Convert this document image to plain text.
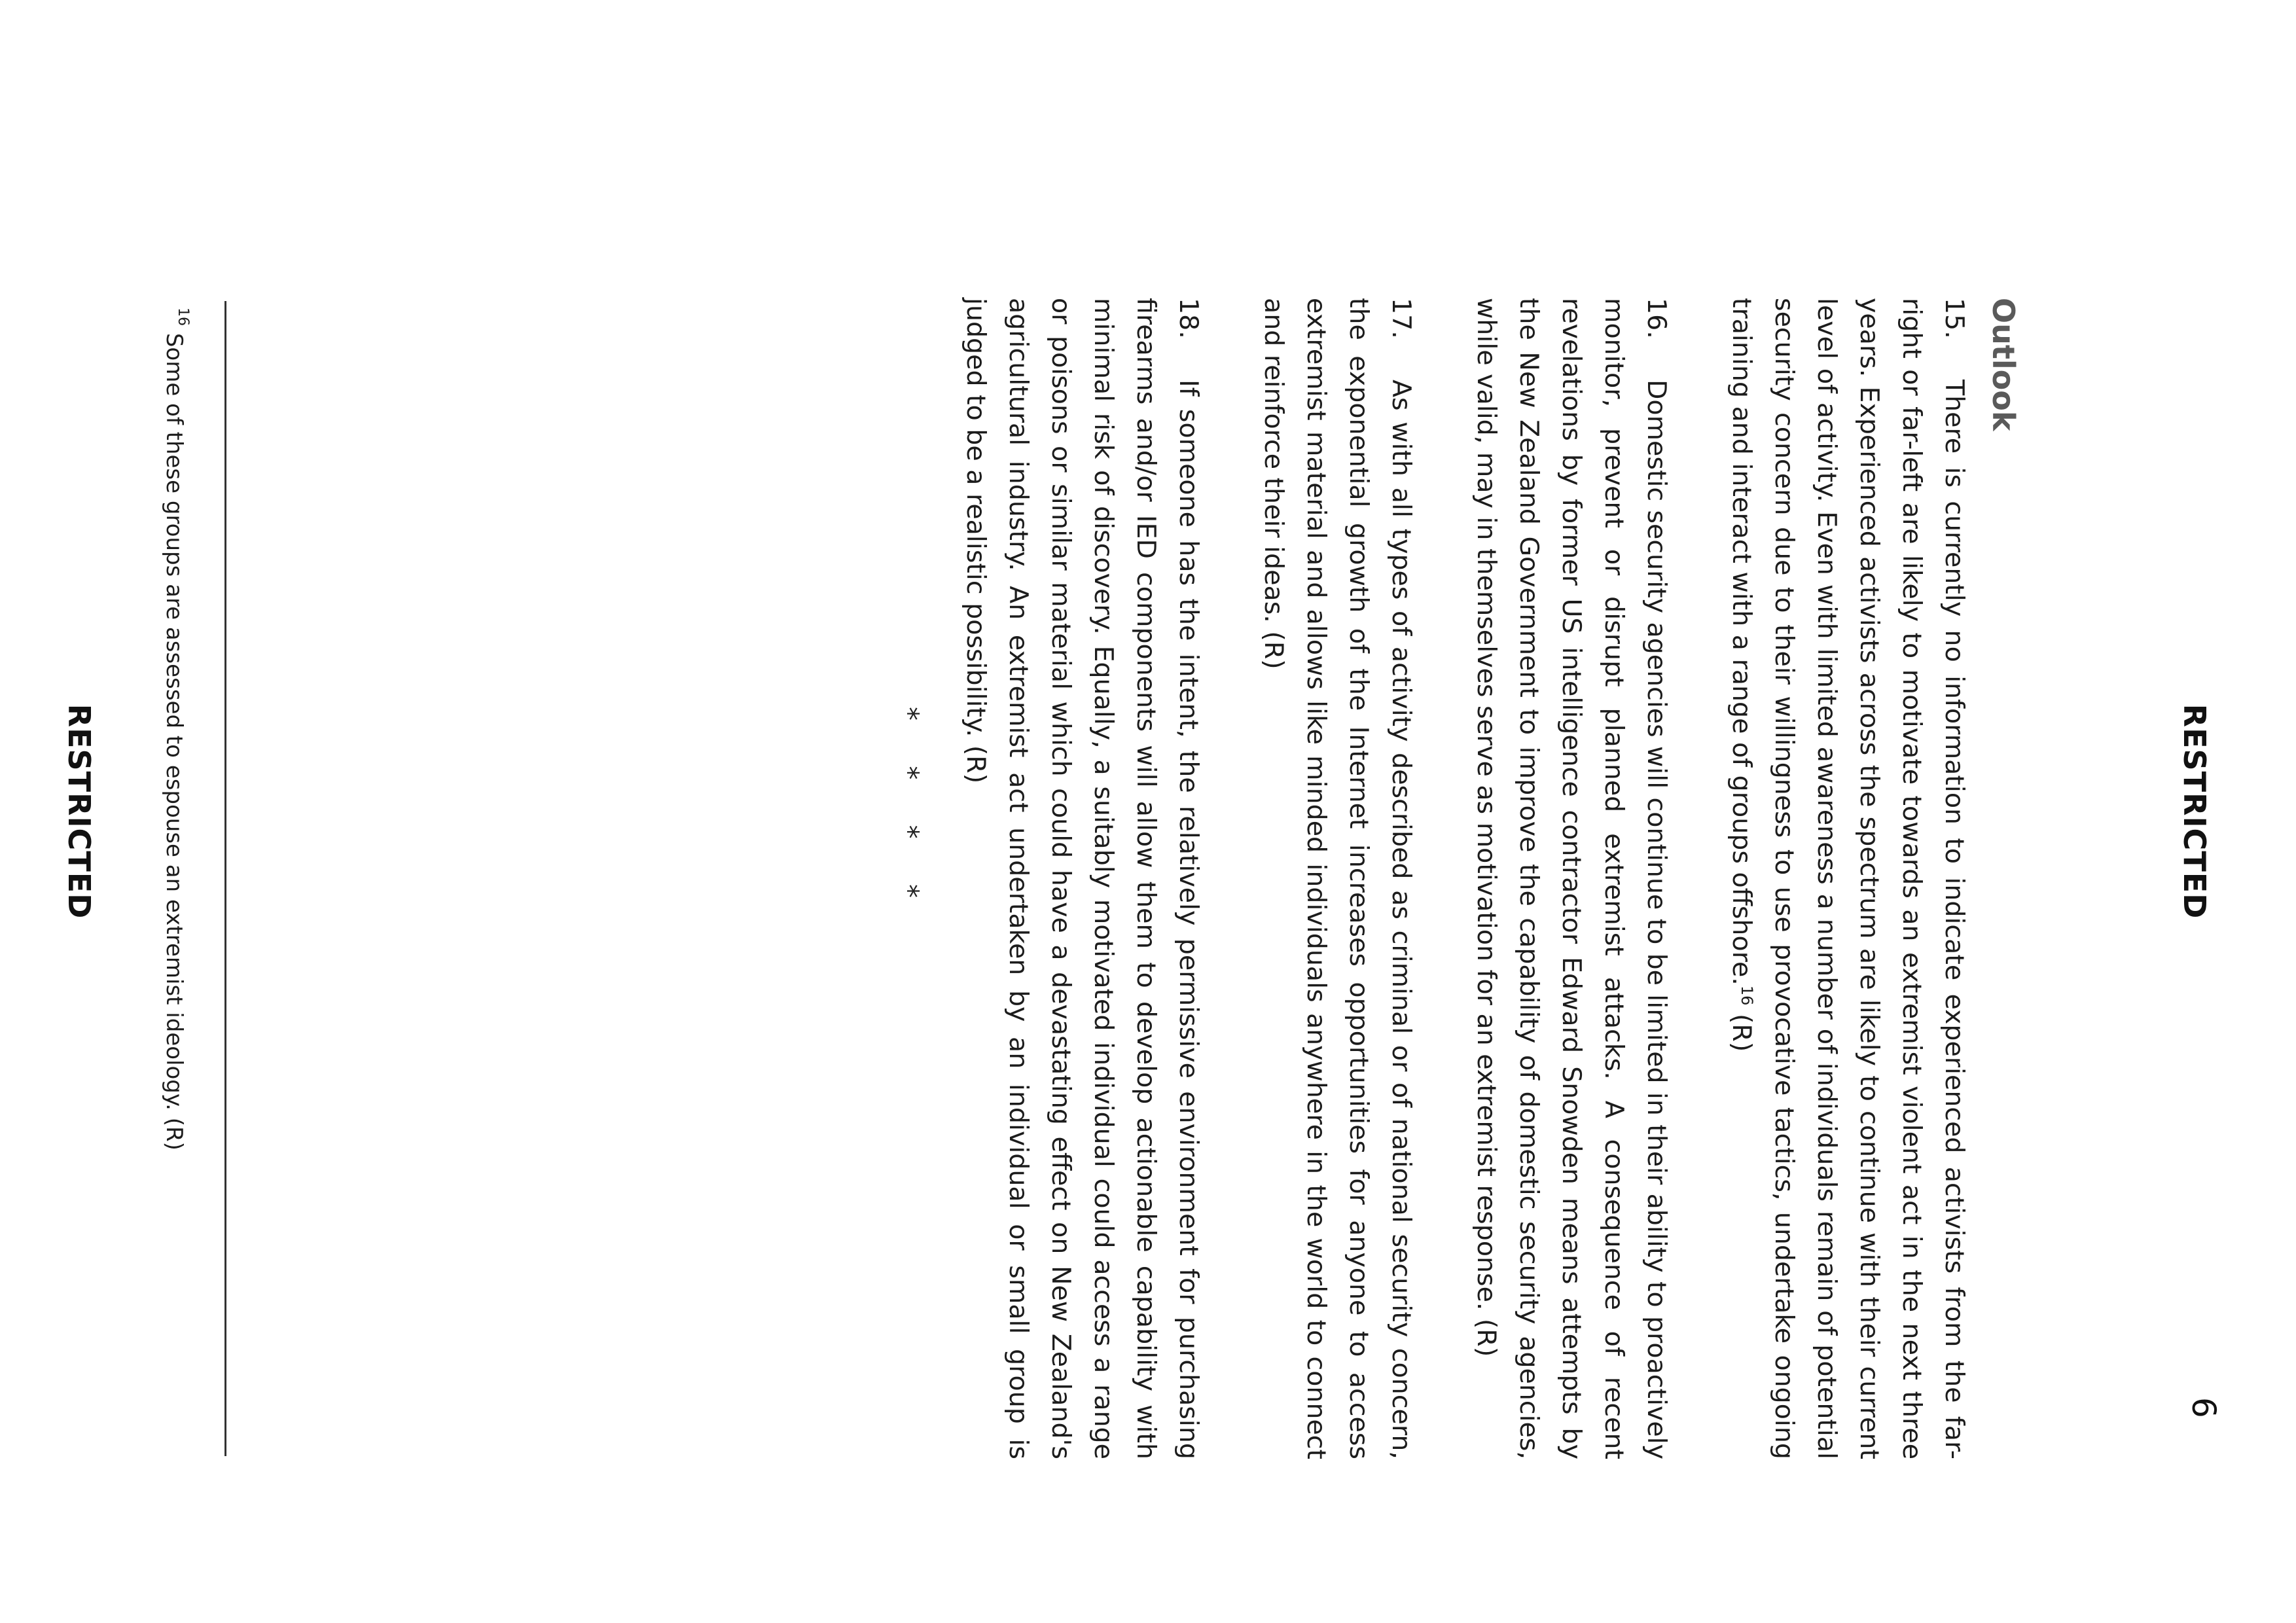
RESTRICTED
6
Outlook

15.There is currently no information to indicate experienced activists from the far-right or far-left are likely to motivate towards an extremist violent act in the next three years. Experienced activists across the spectrum are likely to continue with their current level of activity. Even with limited awareness a number of individuals remain of potential security concern due to their willingness to use provocative tactics, undertake ongoing training and interact with a range of groups offshore.$^{16}$ (R)

16.Domestic security agencies will continue to be limited in their ability to proactively monitor, prevent or disrupt planned extremist attacks. A consequence of recent revelations by former US intelligence contractor Edward Snowden means attempts by the New Zealand Government to improve the capability of domestic security agencies, while valid, may in themselves serve as motivation for an extremist response. (R)

17.As with all types of activity described as criminal or of national security concern, the exponential growth of the Internet increases opportunities for anyone to access extremist material and allows like minded individuals anywhere in the world to connect and reinforce their ideas. (R)

18.If someone has the intent, the relatively permissive environment for purchasing firearms and/or IED components will allow them to develop actionable capability with minimal risk of discovery. Equally, a suitably motivated individual could access a range or poisons or similar material which could have a devastating effect on New Zealand's agricultural industry. An extremist act undertaken by an individual or small group is judged to be a realistic possibility. (R)

* * * *
$^{16}$ Some of these groups are assessed to espouse an extremist ideology. (R)
RESTRICTED
